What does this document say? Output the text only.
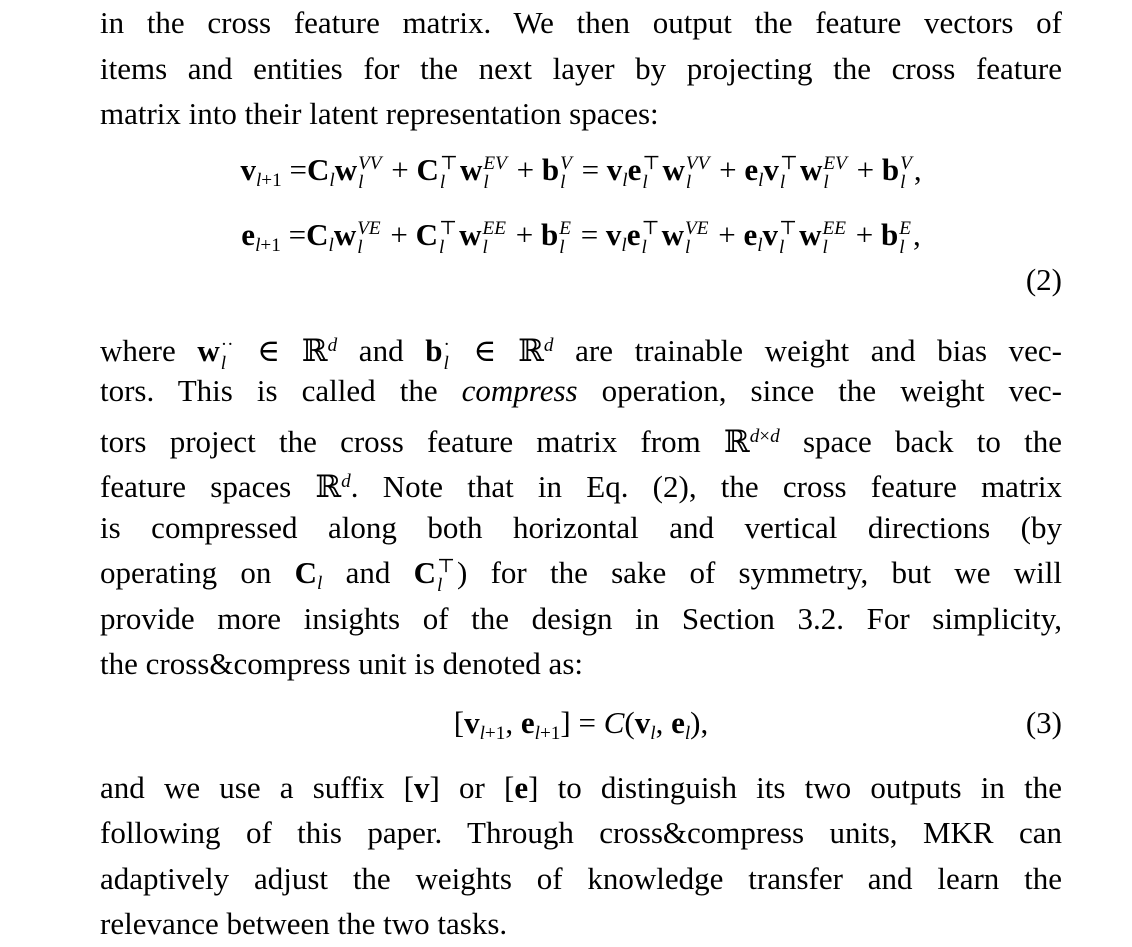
in the cross feature matrix. We then output the feature vectors of
items and entities for the next layer by projecting the cross feature
matrix into their latent representation spaces:
vl+1 =Clw VV
l + C ⊤
l w EV
l + b V
l = vle ⊤
l w VV
l + elv ⊤
l w EV
l + b V
l ,
el+1 =Clw VE
l + C ⊤
l w EE
l + b E
l = vle ⊤
l w VE
l + elv ⊤
l w EE
l + b E
l ,
(2)
where w ··
l ∈ ℝ$^d$ and b ·
l ∈ ℝ$^d$ are trainable weight and bias vec-
tors. This is called the compress operation, since the weight vec-
tors project the cross feature matrix from ℝ$^{d\times d}$ space back to the
feature spaces ℝ$^d$. Note that in Eq. (2), the cross feature matrix
is compressed along both horizontal and vertical directions (by
operating on Cl and C ⊤
l ) for the sake of symmetry, but we will
provide more insights of the design in Section 3.2. For simplicity,
the cross&compress unit is denoted as:
[vl+1, el+1] = C(vl, el),	(3)
and we use a suffix [v] or [e] to distinguish its two outputs in the
following of this paper. Through cross&compress units, MKR can
adaptively adjust the weights of knowledge transfer and learn the
relevance between the two tasks.
